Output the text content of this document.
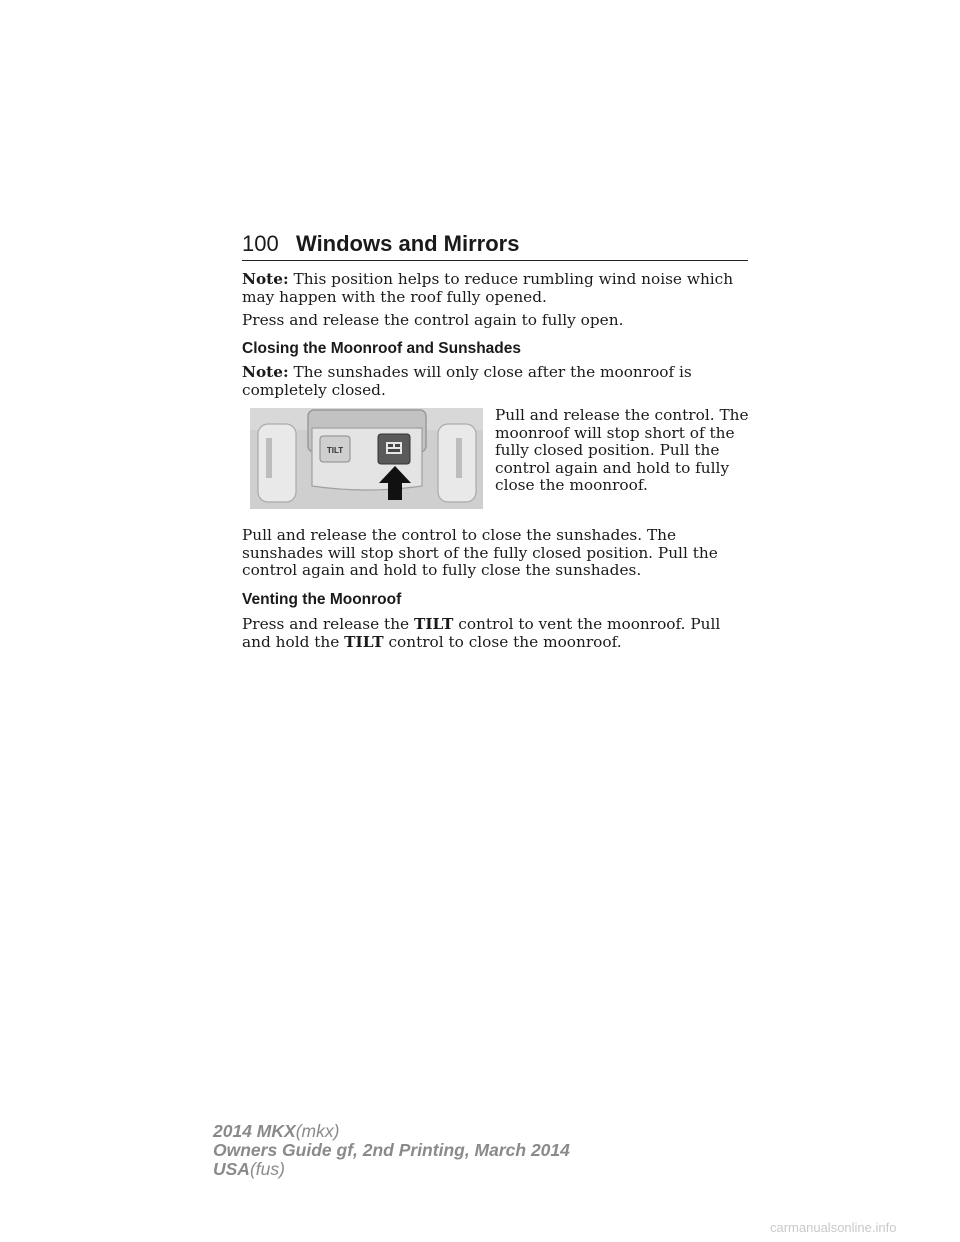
100 Windows and Mirrors

Note: This position helps to reduce rumbling wind noise which may happen with the roof fully opened.

Press and release the control again to fully open.

Closing the Moonroof and Sunshades

Note: The sunshades will only close after the moonroof is completely closed.

TILT

Pull and release the control. The moonroof will stop short of the fully closed position. Pull the control again and hold to fully close the moonroof.

Pull and release the control to close the sunshades. The sunshades will stop short of the fully closed position. Pull the control again and hold to fully close the sunshades.

Venting the Moonroof

Press and release the TILT control to vent the moonroof. Pull and hold the TILT control to close the moonroof.

2014 MKX(mkx)
Owners Guide gf, 2nd Printing, March 2014
USA(fus)
carmanualsonline.info
